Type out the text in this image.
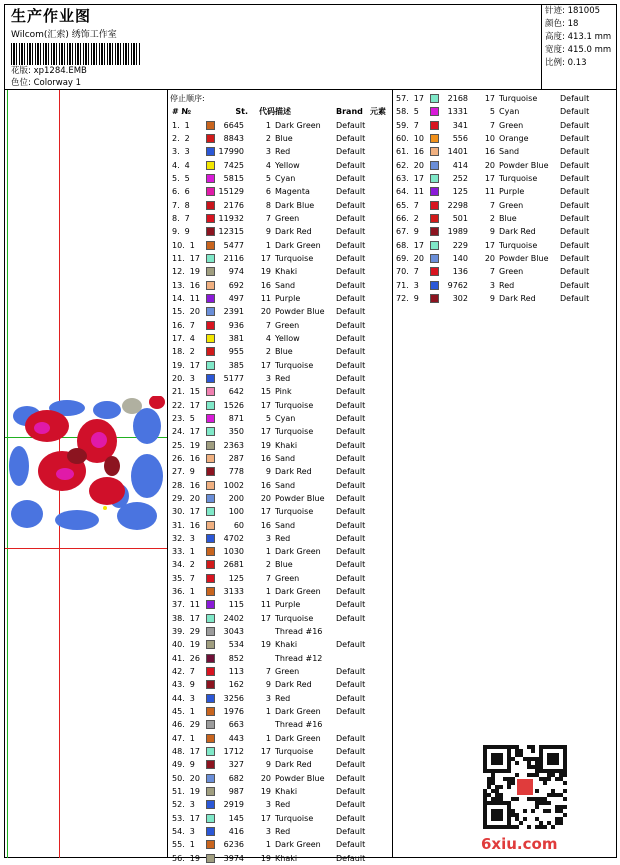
生产作业图
Wilcom(汇索) 绣饰工作室
花版: xp1284.EMB
色位: Colorway 1
针迹: 181005
颜色: 18
高度: 413.1 mm
宽度: 415.0 mm
比例: 0.13
停止顺序:
# №	St.	代码 描述	Brand 元素
1. 1	6645	1 Dark Green Default
2. 2	8843	2 Blue	Default
3. 3	17990	3 Red	Default
4. 4	7425	4 Yellow	Default
5. 5	5815	5 Cyan	Default
6. 6	15129	6 Magenta	Default
7. 8	2176	8 Dark Blue	Default
8. 7	11932	7 Green	Default
9. 9	12315	9 Dark Red	Default
10. 1	5477	1 Dark Green Default
11. 17	2116	17 Turquoise	Default
12. 19	974	19 Khaki	Default
13. 16	692	16 Sand	Default
14. 11	497	11 Purple	Default
15. 20	2391	20 Powder Blue Default
16. 7	936	7 Green	Default
17. 4	381	4 Yellow	Default
18. 2	955	2 Blue	Default
19. 17	385	17 Turquoise	Default
20. 3	5177	3 Red	Default
21. 15	642	15 Pink	Default
22. 17	1526	17 Turquoise	Default
23. 5	871	5 Cyan	Default
24. 17	350	17 Turquoise	Default
25. 19	2363	19 Khaki	Default
26. 16	287	16 Sand	Default
27. 9	778	9 Dark Red	Default
28. 16	1002	16 Sand	Default
29. 20	200	20 Powder Blue Default
30. 17	100	17 Turquoise	Default
31. 16	60	16 Sand	Default
32. 3	4702	3 Red	Default
33. 1	1030	1 Dark Green Default
34. 2	2681	2 Blue	Default
35. 7	125	7 Green	Default
36. 1	3133	1 Dark Green Default
37. 11	115	11 Purple	Default
38. 17	2402	17 Turquoise	Default
39. 29	3043	Thread #16
40. 19	534	19 Khaki	Default
41. 26	852	Thread #12
42. 7	113	7 Green	Default
43. 9	162	9 Dark Red	Default
44. 3	3256	3 Red	Default
45. 1	1976	1 Dark Green Default
46. 29	663	Thread #16
47. 1	443	1 Dark Green Default
48. 17	1712	17 Turquoise	Default
49. 9	327	9 Dark Red	Default
50. 20	682	20 Powder Blue Default
51. 19	987	19 Khaki	Default
52. 3	2919	3 Red	Default
53. 17	145	17 Turquoise	Default
54. 3	416	3 Red	Default
55. 1	6236	1 Dark Green Default
56. 19	3974	19 Khaki	Default
57. 17	2168	17 Turquoise	Default
58. 5	1331	5 Cyan	Default
59. 7	341	7 Green	Default
60. 10	556	10 Orange	Default
61. 16	1401	16 Sand	Default
62. 20	414	20 Powder Blue Default
63. 17	252	17 Turquoise	Default
64. 11	125	11 Purple	Default
65. 7	2298	7 Green	Default
66. 2	501	2 Blue	Default
67. 9	1989	9 Dark Red	Default
68. 17	229	17 Turquoise	Default
69. 20	140	20 Powder Blue Default
70. 7	136	7 Green	Default
71. 3	9762	3 Red	Default
72. 9	302	9 Dark Red	Default
6xiu.com
